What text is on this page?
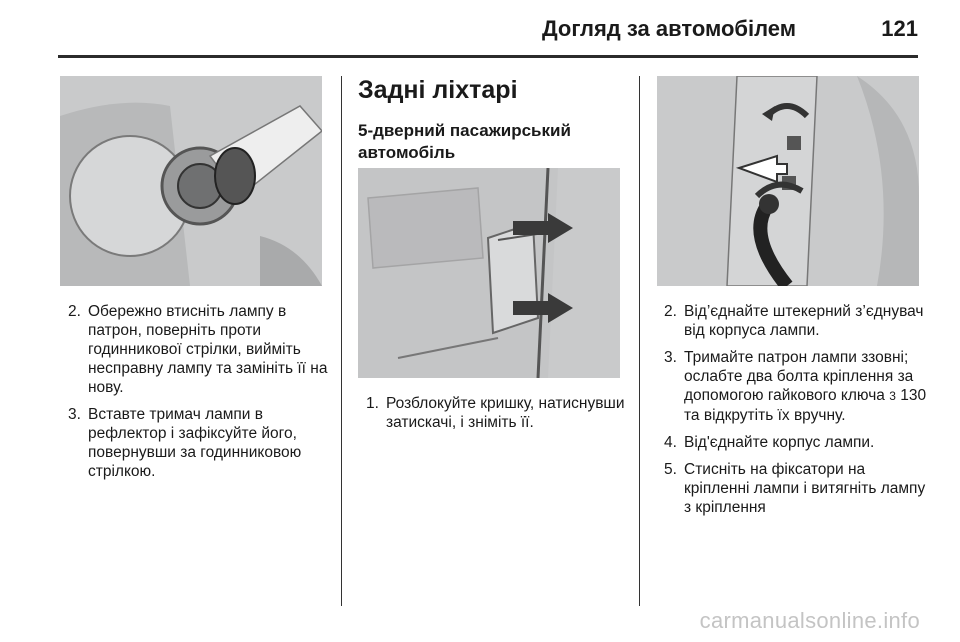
Догляд за автомобілем	121
2. Обережно втисніть лампу в патрон, поверніть проти годинникової стрілки, вийміть несправну лампу та замініть її на нову.
3. Вставте тримач лампи в рефлектор і зафіксуйте його, повернувши за годинниковою стрілкою.
Задні ліхтарі
5-дверний пасажирський автомобіль
1. Розблокуйте кришку, натиснувши затискачі, і зніміть її.
2. Від’єднайте штекерний з’єднувач від корпуса лампи.
3. Тримайте патрон лампи ззовні; ослабте два болта кріплення за допомогою гайкового ключа 3 130 та відкрутіть їх вручну.
4. Від'єднайте корпус лампи.
5. Стисніть на фіксатори на кріпленні лампи і витягніть лампу з кріплення
carmanualsonline.info
